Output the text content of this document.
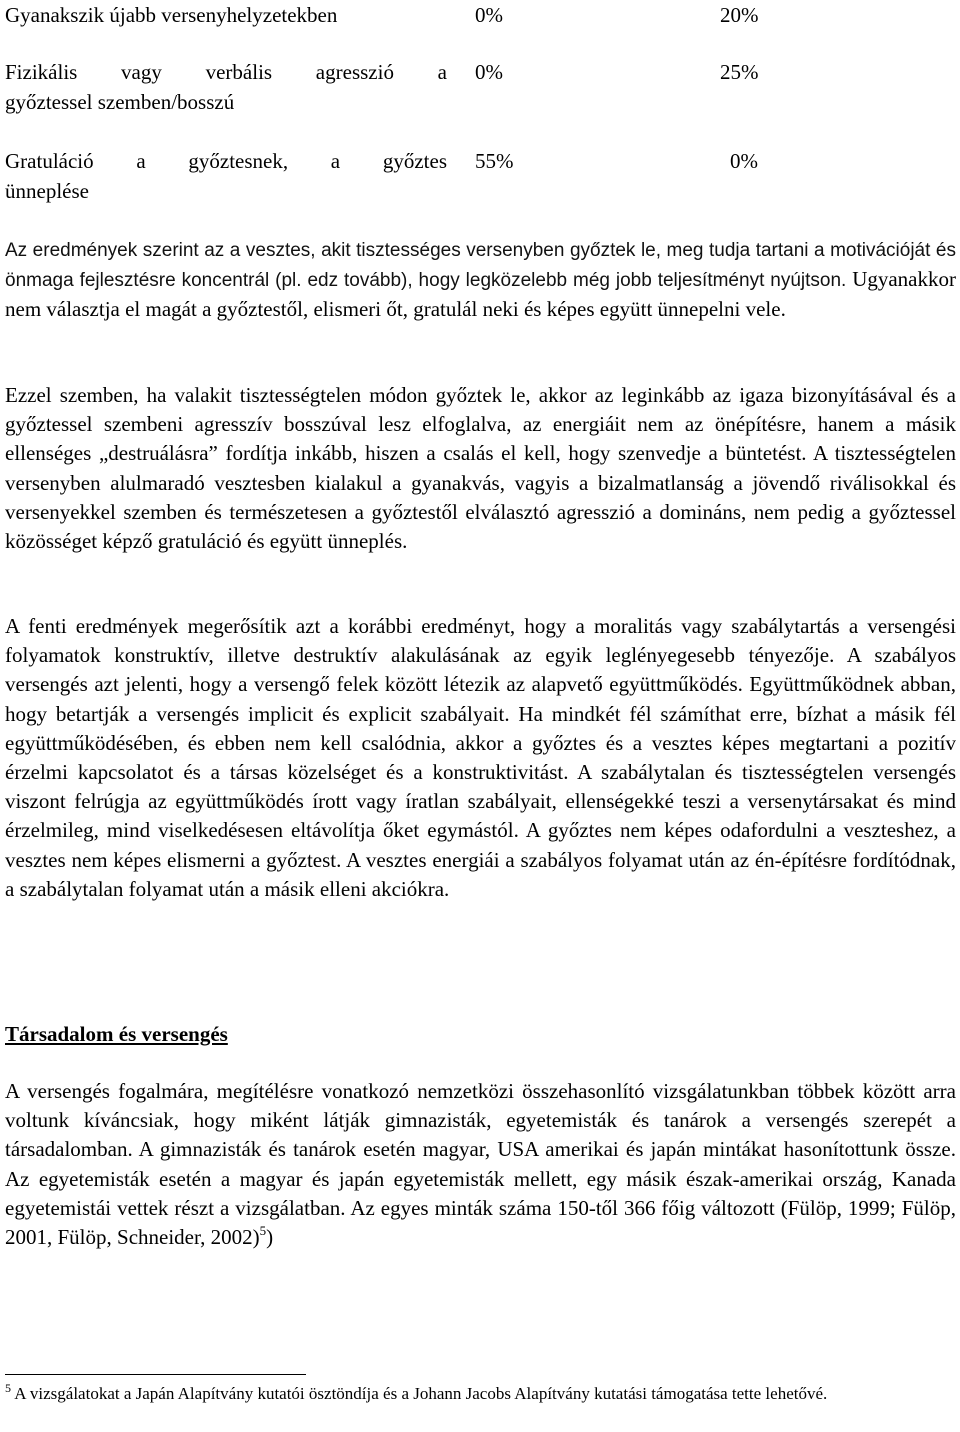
Gyanakszik újabb versenyhelyzetekben	0%	20%
Fizikális vagy verbális agresszió a
győztessel szemben/bosszú
0%	25%
Gratuláció a győztesnek, a győztes
ünneplése
55%	0%

Az eredmények szerint az a vesztes, akit tisztességes versenyben győztek le, meg tudja tartani a motivációját és önmaga fejlesztésre koncentrál (pl. edz tovább), hogy legközelebb még jobb teljesítményt nyújtson. Ugyanakkor nem választja el magát a győztestől, elismeri őt, gratulál neki és képes együtt ünnepelni vele.

Ezzel szemben, ha valakit tisztességtelen módon győztek le, akkor az leginkább az igaza bizonyításával és a győztessel szembeni agresszív bosszúval lesz elfoglalva, az energiáit nem az önépítésre, hanem a másik ellenséges „destruálásra” fordítja inkább, hiszen a csalás el kell, hogy szenvedje a büntetést. A tisztességtelen versenyben alulmaradó vesztesben kialakul a gyanakvás, vagyis a bizalmatlanság a jövendő riválisokkal és versenyekkel szemben és természetesen a győztestől elválasztó agresszió a domináns, nem pedig a győztessel közösséget képző gratuláció és együtt ünneplés.

A fenti eredmények megerősítik azt a korábbi eredményt, hogy a moralitás vagy szabálytartás a versengési folyamatok konstruktív, illetve destruktív alakulásának az egyik leglényegesebb tényezője. A szabályos versengés azt jelenti, hogy a versengő felek között létezik az alapvető együttműködés. Együttműködnek abban, hogy betartják a versengés implicit és explicit szabályait. Ha mindkét fél számíthat erre, bízhat a másik fél együttműködésében, és ebben nem kell csalódnia, akkor a győztes és a vesztes képes megtartani a pozitív érzelmi kapcsolatot és a társas közelséget és a konstruktivitást. A szabálytalan és tisztességtelen versengés viszont felrúgja az együttműködés írott vagy íratlan szabályait, ellenségekké teszi a versenytársakat és mind érzelmileg, mind viselkedésesen eltávolítja őket egymástól. A győztes nem képes odafordulni a veszteshez, a vesztes nem képes elismerni a győztest. A vesztes energiái a szabályos folyamat után az én-építésre fordítódnak, a szabálytalan folyamat után a másik elleni akciókra.

Társadalom és versengés

A versengés fogalmára, megítélésre vonatkozó nemzetközi összehasonlító vizsgálatunkban többek között arra voltunk kíváncsiak, hogy miként látják gimnazisták, egyetemisták és tanárok a versengés szerepét a társadalomban. A gimnazisták és tanárok esetén magyar, USA amerikai és japán mintákat hasonítottunk össze. Az egyetemisták esetén a magyar és japán egyetemisták mellett, egy másik észak-amerikai ország, Kanada egyetemistái vettek részt a vizsgálatban. Az egyes minták száma 150-től 366 főig változott (Fülöp, 1999; Fülöp, 2001, Fülöp, Schneider, 2002)$^5$)

$^5$ A vizsgálatokat a Japán Alapítvány kutatói ösztöndíja és a Johann Jacobs Alapítvány kutatási támogatása tette lehetővé.
